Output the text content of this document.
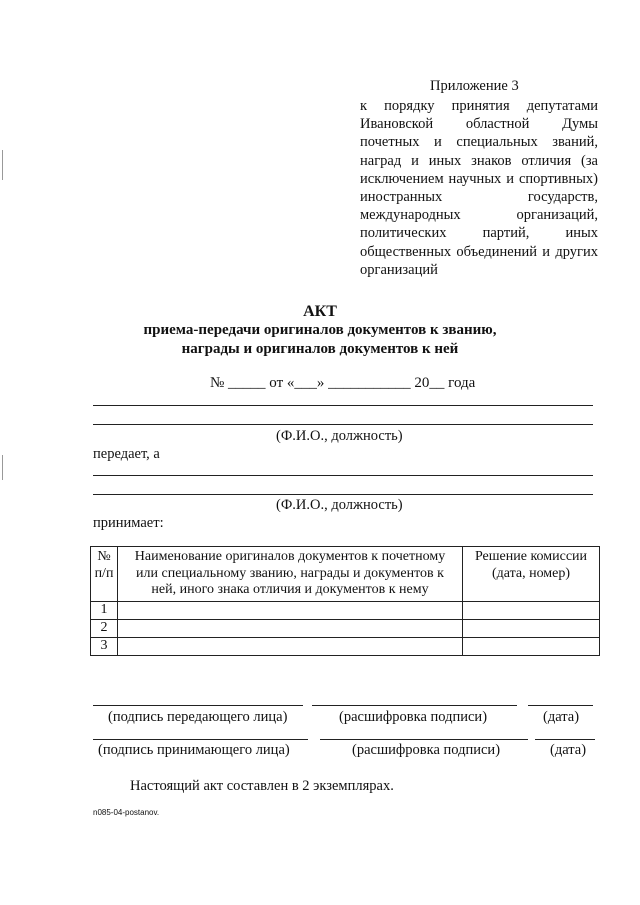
Приложение 3
к порядку принятия депутатами Ивановской областной Думы почетных и специальных званий, наград и иных знаков отличия (за исключением научных и спортивных) иностранных государств, международных организаций, политических партий, иных общественных объединений и других организаций
АКТ
приема-передачи оригиналов документов к званию,
награды и оригиналов документов к ней
№ _____ от «___» ___________ 20__ года
(Ф.И.О., должность)
передает, а
(Ф.И.О., должность)
принимает:
№ п/п	Наименование оригиналов документов к почетному или специальному званию, награды и документов к ней, иного знака отличия и документов к нему	Решение комиссии (дата, номер)
1		
2		
3		
(подпись передающего лица)	(расшифровка подписи)	(дата)
(подпись принимающего лица)	(расшифровка подписи)	(дата)
Настоящий акт составлен в 2 экземплярах.
n085-04-postanov.
